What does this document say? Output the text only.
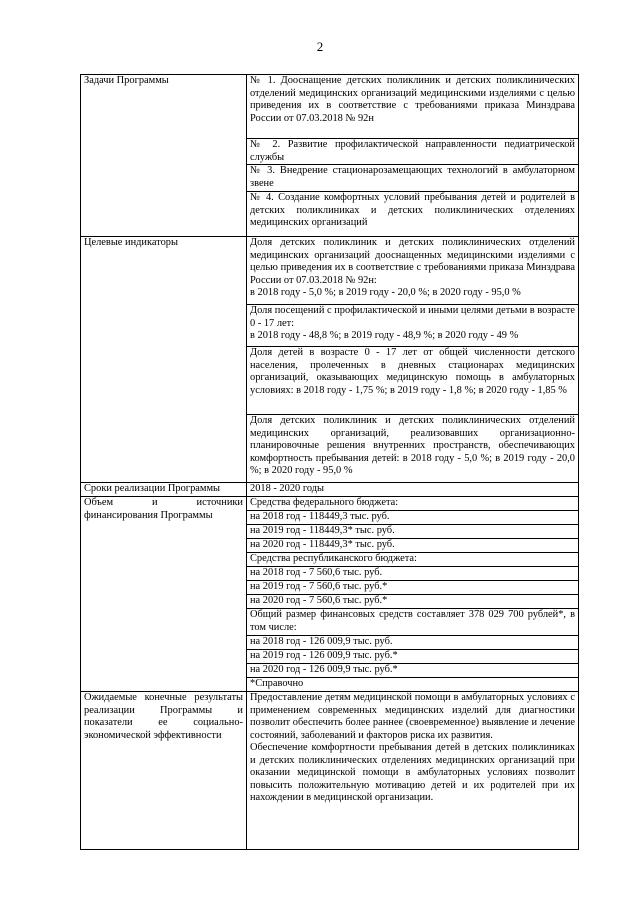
2
Задачи Программы	№ 1. Дооснащение детских поликлиник и детских поликлинических отделений медицинских организаций медицинскими изделиями с целью приведения их в соответствие с требованиями приказа Минздрава России от 07.03.2018 № 92н
	№ 2. Развитие профилактической направленности педиатрической службы
	№ 3. Внедрение стационарозамещающих технологий в амбулаторном звене
	№ 4. Создание комфортных условий пребывания детей и родителей в детских поликлиниках и детских поликлинических отделениях медицинских организаций
Целевые индикаторы	Доля детских поликлиник и детских поликлинических отделений медицинских организаций дооснащенных медицинскими изделиями с целью приведения их в соответствие с требованиями приказа Минздрава России от 07.03.2018 № 92н:
в 2018 году - 5,0 %; в 2019 году - 20,0 %; в 2020 году - 95,0 %

	Доля посещений с профилактической и иными целями детьми в возрасте 0 - 17 лет:
в 2018 году - 48,8 %; в 2019 году - 48,9 %; в 2020 году - 49 %

	Доля детей в возрасте 0 - 17 лет от общей численности детского населения, пролеченных в дневных стационарах медицинских организаций, оказывающих медицинскую помощь в амбулаторных условиях: в 2018 году - 1,75 %; в 2019 году - 1,8 %; в 2020 году - 1,85 %

	Доля детских поликлиник и детских поликлинических отделений медицинских организаций, реализовавших организационно-планировочные решения внутренних пространств, обеспечивающих комфортность пребывания детей: в 2018 году - 5,0 %; в 2019 году - 20,0 %; в 2020 году - 95,0 %

Сроки реализации Программы	2018 - 2020 годы
Объем и источники финансирования Программы	Средства федерального бюджета:
	на 2018 год - 118449,3 тыс. руб.
	на 2019 год - 118449,3* тыс. руб.
	на 2020 год - 118449,3* тыс. руб.
	Средства республиканского бюджета:
	на 2018 год - 7 560,6 тыс. руб.
	на 2019 год - 7 560,6 тыс. руб.*
	на 2020 год - 7 560,6 тыс. руб.*
	Общий размер финансовых средств составляет 378 029 700 рублей*, в том числе:
	на 2018 год - 126 009,9 тыс. руб.
	на 2019 год - 126 009,9 тыс. руб.*
	на 2020 год - 126 009,9 тыс. руб.*
	*Справочно
Ожидаемые конечные результаты реализации Программы и показатели ее социально-экономической эффективности	Предоставление детям медицинской помощи в амбулаторных условиях с применением современных медицинских изделий для диагностики позволит обеспечить более раннее (своевременное) выявление и лечение состояний, заболеваний и факторов риска их развития.
Обеспечение комфортности пребывания детей в детских поликлиниках и детских поликлинических отделениях медицинских организаций при оказании медицинской помощи в амбулаторных условиях позволит повысить положительную мотивацию детей и их родителей при их нахождении в медицинской организации.
